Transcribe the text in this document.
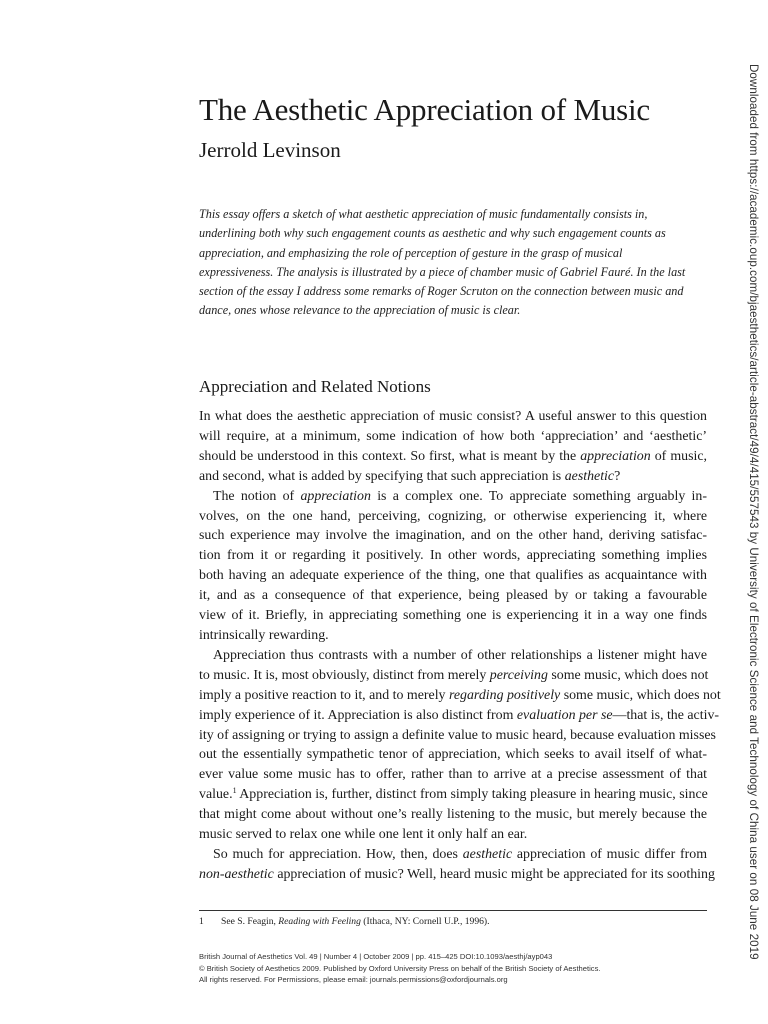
The Aesthetic Appreciation of Music
Jerrold Levinson
This essay offers a sketch of what aesthetic appreciation of music fundamentally consists in,
underlining both why such engagement counts as aesthetic and why such engagement counts as
appreciation, and emphasizing the role of perception of gesture in the grasp of musical
expressiveness. The analysis is illustrated by a piece of chamber music of Gabriel Fauré. In the last
section of the essay I address some remarks of Roger Scruton on the connection between music and
dance, ones whose relevance to the appreciation of music is clear.
Appreciation and Related Notions
In what does the aesthetic appreciation of music consist? A useful answer to this question
will require, at a minimum, some indication of how both ‘appreciation’ and ‘aesthetic’
should be understood in this context. So first, what is meant by the appreciation of music,
and second, what is added by specifying that such appreciation is aesthetic?
The notion of appreciation is a complex one. To appreciate something arguably in-
volves, on the one hand, perceiving, cognizing, or otherwise experiencing it, where
such experience may involve the imagination, and on the other hand, deriving satisfac-
tion from it or regarding it positively. In other words, appreciating something implies
both having an adequate experience of the thing, one that qualifies as acquaintance with
it, and as a consequence of that experience, being pleased by or taking a favourable
view of it. Briefly, in appreciating something one is experiencing it in a way one finds
intrinsically rewarding.
Appreciation thus contrasts with a number of other relationships a listener might have
to music. It is, most obviously, distinct from merely perceiving some music, which does not
imply a positive reaction to it, and to merely regarding positively some music, which does not
imply experience of it. Appreciation is also distinct from evaluation per se—that is, the activ-
ity of assigning or trying to assign a definite value to music heard, because evaluation misses
out the essentially sympathetic tenor of appreciation, which seeks to avail itself of what-
ever value some music has to offer, rather than to arrive at a precise assessment of that
value.$^1$ Appreciation is, further, distinct from simply taking pleasure in hearing music, since
that might come about without one’s really listening to the music, but merely because the
music served to relax one while one lent it only half an ear.
So much for appreciation. How, then, does aesthetic appreciation of music differ from
non-aesthetic appreciation of music? Well, heard music might be appreciated for its soothing
1 See S. Feagin, Reading with Feeling (Ithaca, NY: Cornell U.P., 1996).
British Journal of Aesthetics Vol. 49 | Number 4 | October 2009 | pp. 415–425 DOI:10.1093/aesthj/ayp043
© British Society of Aesthetics 2009. Published by Oxford University Press on behalf of the British Society of Aesthetics.
All rights reserved. For Permissions, please email: journals.permissions@oxfordjournals.org
Downloaded from https://academic.oup.com/bjaesthetics/article-abstract/49/4/415/557543 by University of Electronic Science and Technology of China user on 08 June 2019
